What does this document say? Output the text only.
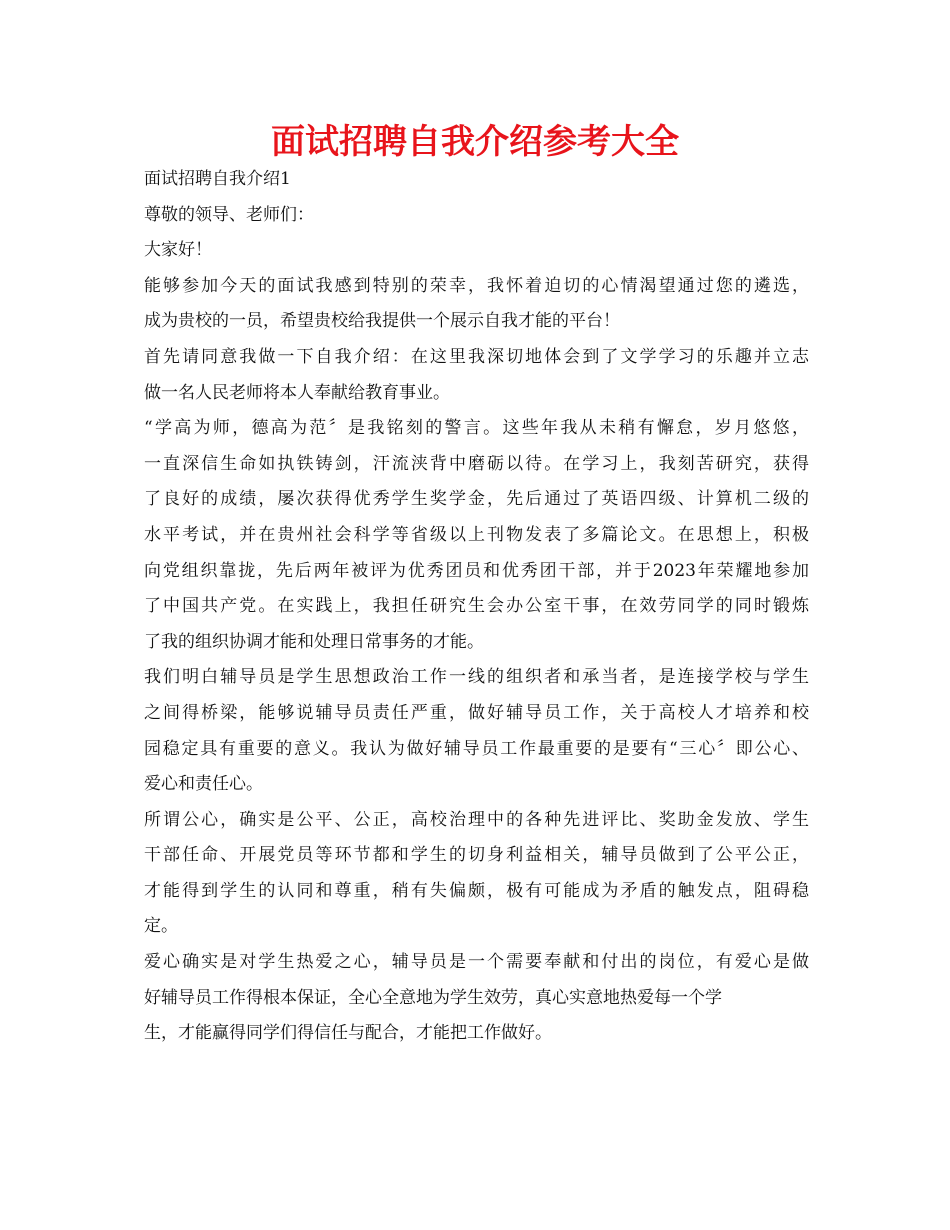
面试招聘自我介绍参考大全

面试招聘自我介绍1

尊敬的领导、老师们：

大家好！

能够参加今天的面试我感到特别的荣幸，我怀着迫切的心情渴望通过您的遴选，
成为贵校的一员，希望贵校给我提供一个展示自我才能的平台！

首先请同意我做一下自我介绍：在这里我深切地体会到了文学学习的乐趣并立志
做一名人民老师将本人奉献给教育事业。

“学高为师，德高为范〞是我铭刻的警言。这些年我从未稍有懈怠，岁月悠悠，
一直深信生命如执铁铸剑，汗流浃背中磨砺以待。在学习上，我刻苦研究，获得
了良好的成绩，屡次获得优秀学生奖学金，先后通过了英语四级、计算机二级的
水平考试，并在贵州社会科学等省级以上刊物发表了多篇论文。在思想上，积极
向党组织靠拢，先后两年被评为优秀团员和优秀团干部，并于2023年荣耀地参加
了中国共产党。在实践上，我担任研究生会办公室干事，在效劳同学的同时锻炼
了我的组织协调才能和处理日常事务的才能。

我们明白辅导员是学生思想政治工作一线的组织者和承当者，是连接学校与学生
之间得桥梁，能够说辅导员责任严重，做好辅导员工作，关于高校人才培养和校
园稳定具有重要的意义。我认为做好辅导员工作最重要的是要有“三心〞即公心、
爱心和责任心。

所谓公心，确实是公平、公正，高校治理中的各种先进评比、奖助金发放、学生
干部任命、开展党员等环节都和学生的切身利益相关，辅导员做到了公平公正，
才能得到学生的认同和尊重，稍有失偏颇，极有可能成为矛盾的触发点，阻碍稳
定。

爱心确实是对学生热爱之心，辅导员是一个需要奉献和付出的岗位，有爱心是做
好辅导员工作得根本保证，全心全意地为学生效劳，真心实意地热爱每一个学
生，才能赢得同学们得信任与配合，才能把工作做好。
